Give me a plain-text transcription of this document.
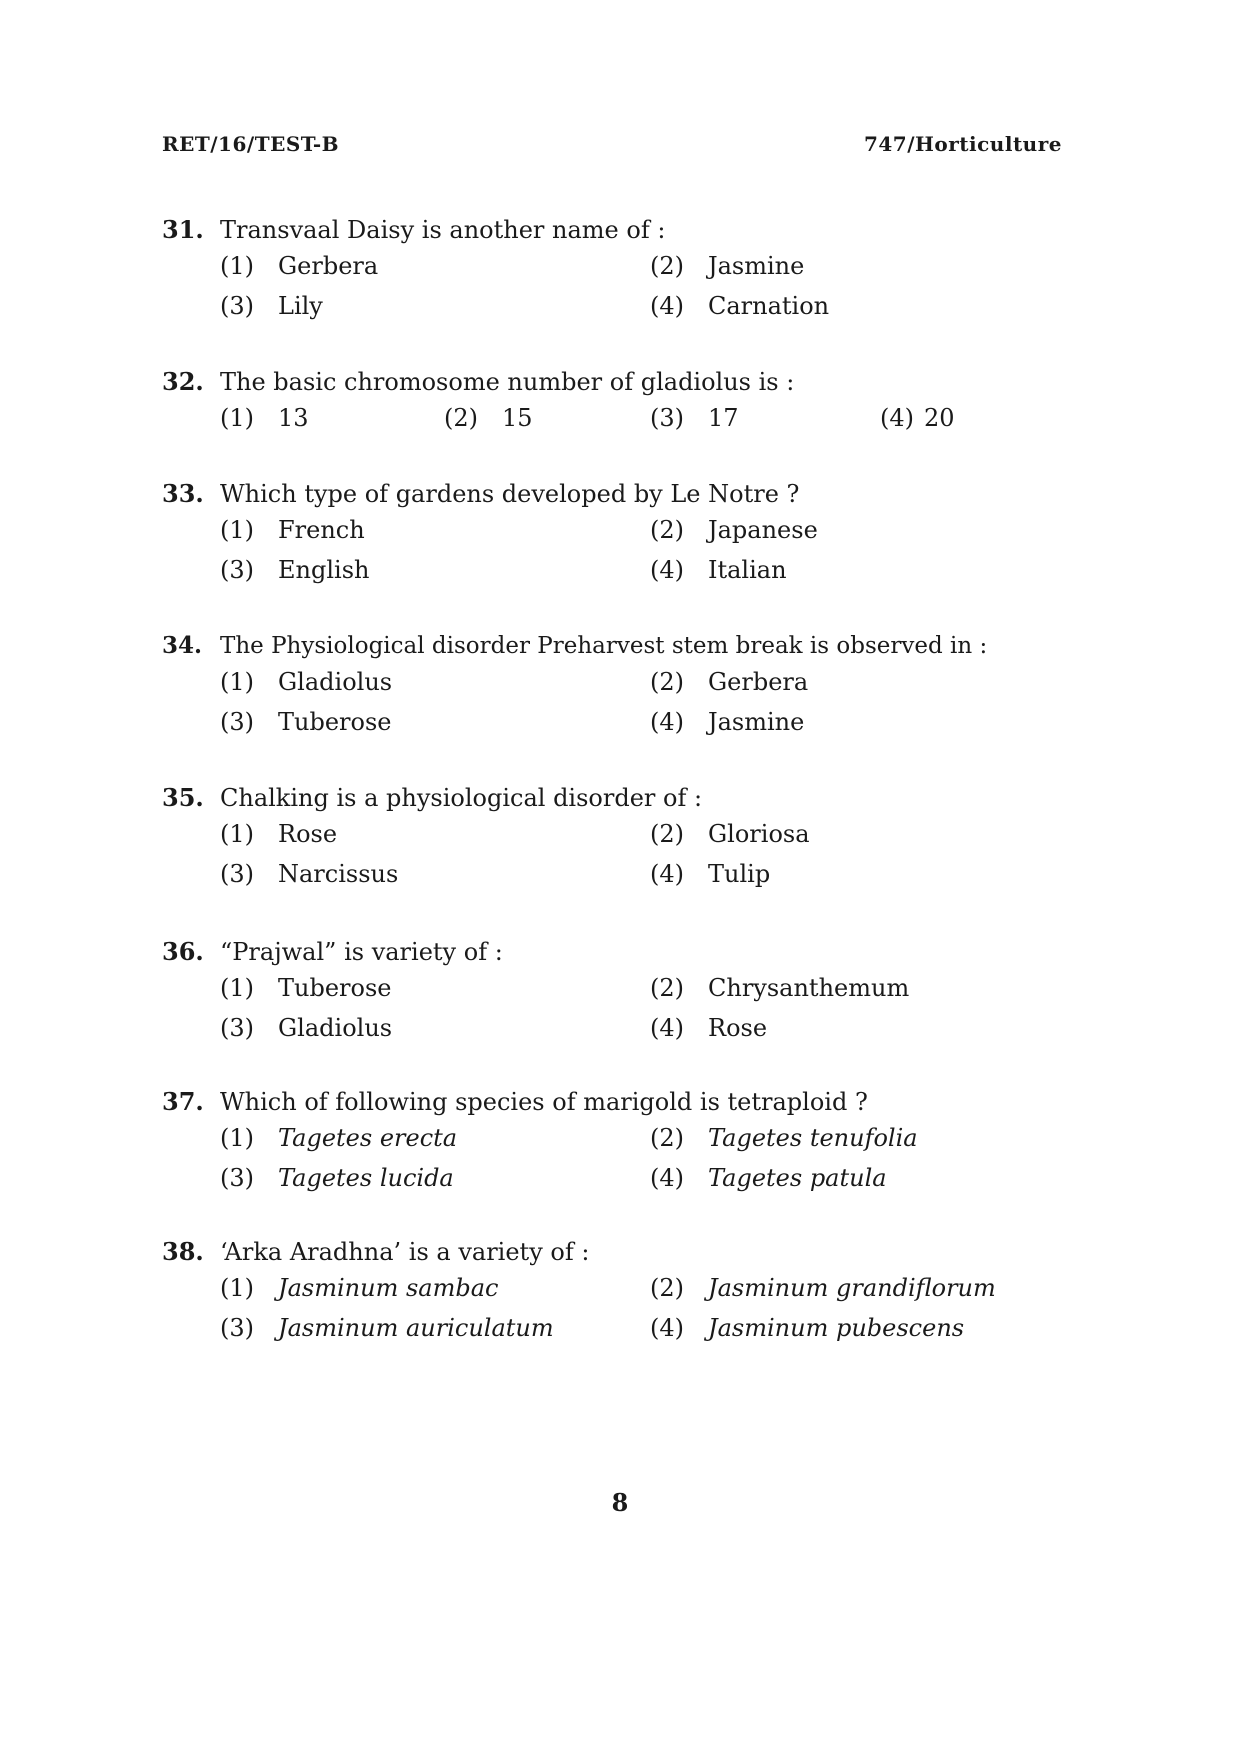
RET/16/TEST-B	747/Horticulture
31. Transvaal Daisy is another name of :
(1) Gerbera	(2) Jasmine
(3) Lily	(4) Carnation
32. The basic chromosome number of gladiolus is :
(1) 13	(2) 15	(3) 17	(4) 20
33. Which type of gardens developed by Le Notre ?
(1) French	(2) Japanese
(3) English	(4) Italian
34. The Physiological disorder Preharvest stem break is observed in :
(1) Gladiolus	(2) Gerbera
(3) Tuberose	(4) Jasmine
35. Chalking is a physiological disorder of :
(1) Rose	(2) Gloriosa
(3) Narcissus	(4) Tulip
36. “Prajwal” is variety of :
(1) Tuberose	(2) Chrysanthemum
(3) Gladiolus	(4) Rose
37. Which of following species of marigold is tetraploid ?
(1) Tagetes erecta	(2) Tagetes tenufolia
(3) Tagetes lucida	(4) Tagetes patula
38. ‘Arka Aradhna’ is a variety of :
(1) Jasminum sambac	(2) Jasminum grandiflorum
(3) Jasminum auriculatum	(4) Jasminum pubescens
8
